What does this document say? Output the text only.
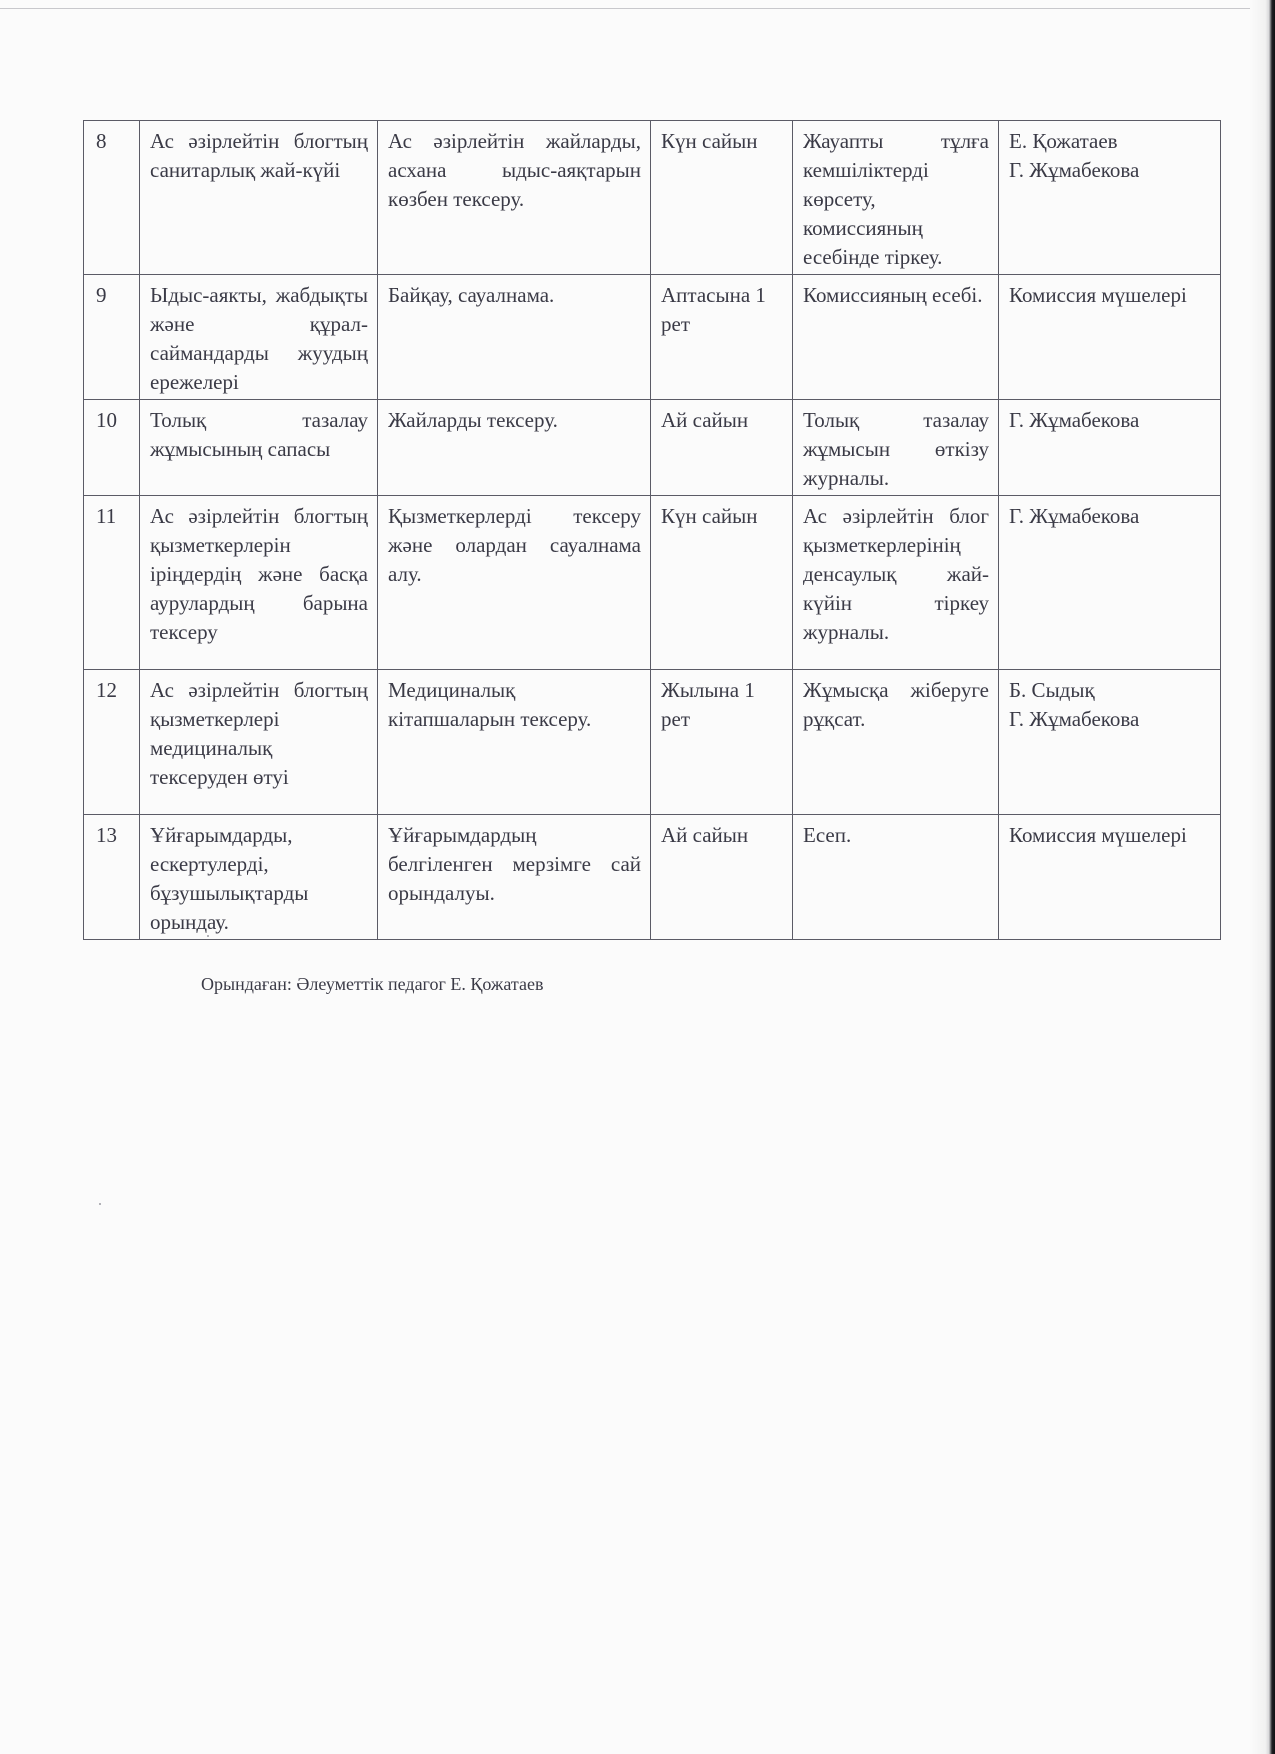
8	Ас әзірлейтін блогтың санитарлық жай-күйі	Ас әзірлейтін жайларды, асхана ыдыс-аяқтарын көзбен тексеру.	Күн сайын	Жауапты тұлға кемшіліктерді көрсету, комиссияның есебінде тіркеу.	Е. Қожатаев
Г. Жұмабекова
9	Ыдыс-аякты, жабдықты және құрал-саймандарды жуудың ережелері	Байқау, сауалнама.	Аптасына 1 рет	Комиссияның есебі.	Комиссия мүшелері
10	Толық тазалау жұмысының сапасы	Жайларды тексеру.	Ай сайын	Толық тазалау жұмысын өткізу журналы.	Г. Жұмабекова
11	Ас әзірлейтін блогтың қызметкерлерін іріңдердің және басқа аурулардың барына тексеру	Қызметкерлерді тексеру және олардан сауалнама алу.	Күн сайын	Ас әзірлейтін блог қызметкерлерінің денсаулық жай-күйін тіркеу журналы.	Г. Жұмабекова
12	Ас әзірлейтін блогтың қызметкерлері медициналық тексеруден өтуі	Медициналық кітапшаларын тексеру.	Жылына 1 рет	Жұмысқа жіберуге рұқсат.	Б. Сыдық
Г. Жұмабекова
13	Ұйғарымдарды, ескертулерді, бұзушылықтарды орындау.	Ұйғарымдардың белгіленген мерзімге сай орындалуы.	Ай сайын	Есеп.	Комиссия мүшелері
Орындаған: Әлеуметтік педагог Е. Қожатаев
